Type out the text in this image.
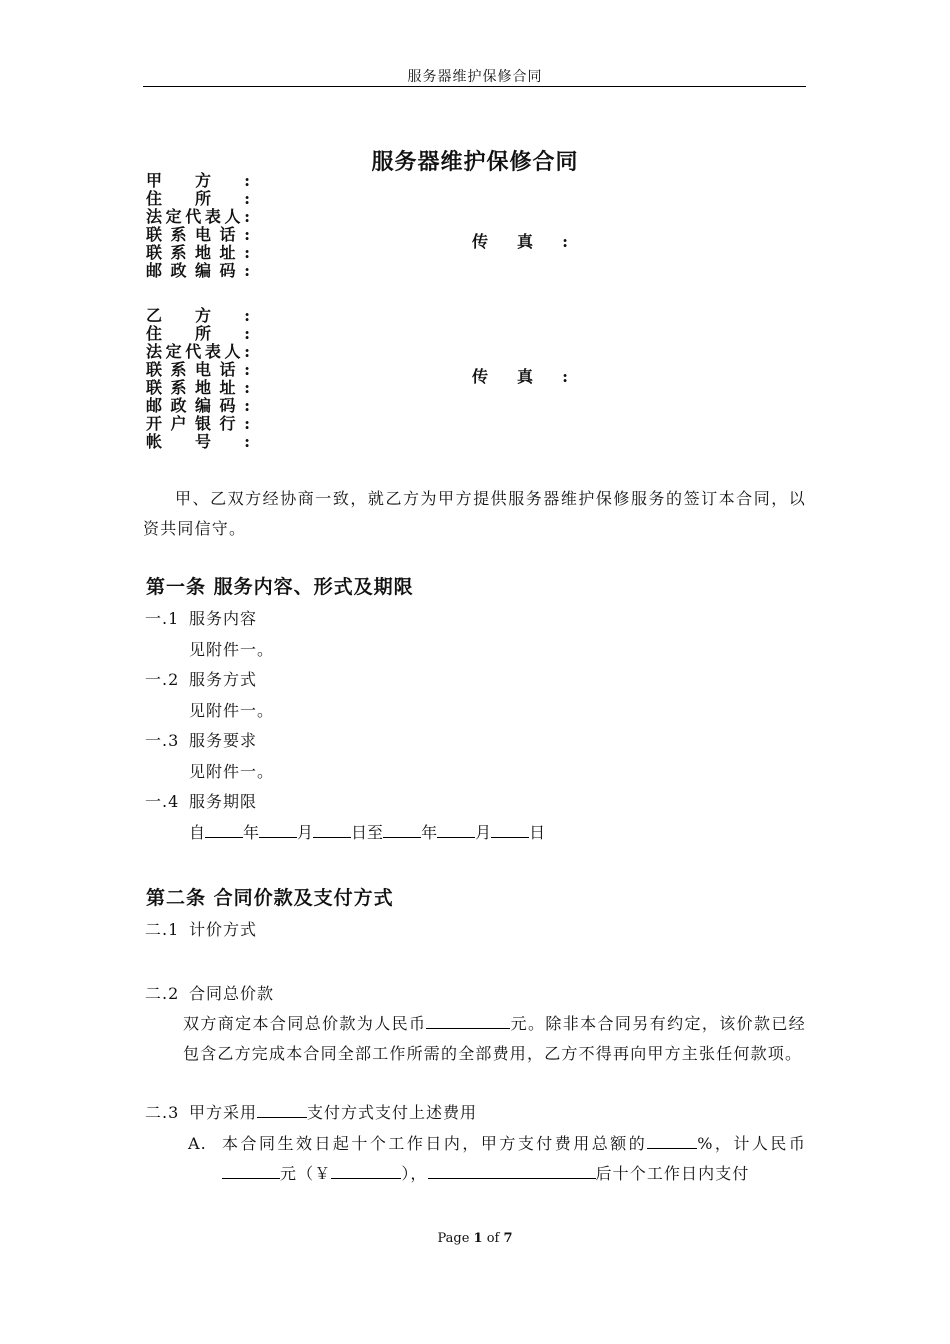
服务器维护保修合同
服务器维护保修合同
甲方:
住所:
法定代表人:
联系电话:
联系地址:
邮政编码:
传真:
乙方:
住所:
法定代表人:
联系电话:
联系地址:
邮政编码:
开户银行:
帐号:
传真:
甲、乙双方经协商一致，就乙方为甲方提供服务器维护保修服务的签订本合同，以资共同信守。
第一条 服务内容、形式及期限
一.1 服务内容
见附件一。
一.2 服务方式
见附件一。
一.3 服务要求
见附件一。
一.4 服务期限
自 年 月 日至 年 月 日
第二条 合同价款及支付方式
二.1 计价方式
二.2 合同总价款
双方商定本合同总价款为人民币	元。除非本合同另有约定，该价款已经包含乙方完成本合同全部工作所需的全部费用，乙方不得再向甲方主张任何款项。
二.3 甲方采用	支付方式支付上述费用
A. 本合同生效日起十个工作日内，甲方支付费用总额的	%，计人民币元（￥	），	后十个工作日内支付
Page 1 of 7
